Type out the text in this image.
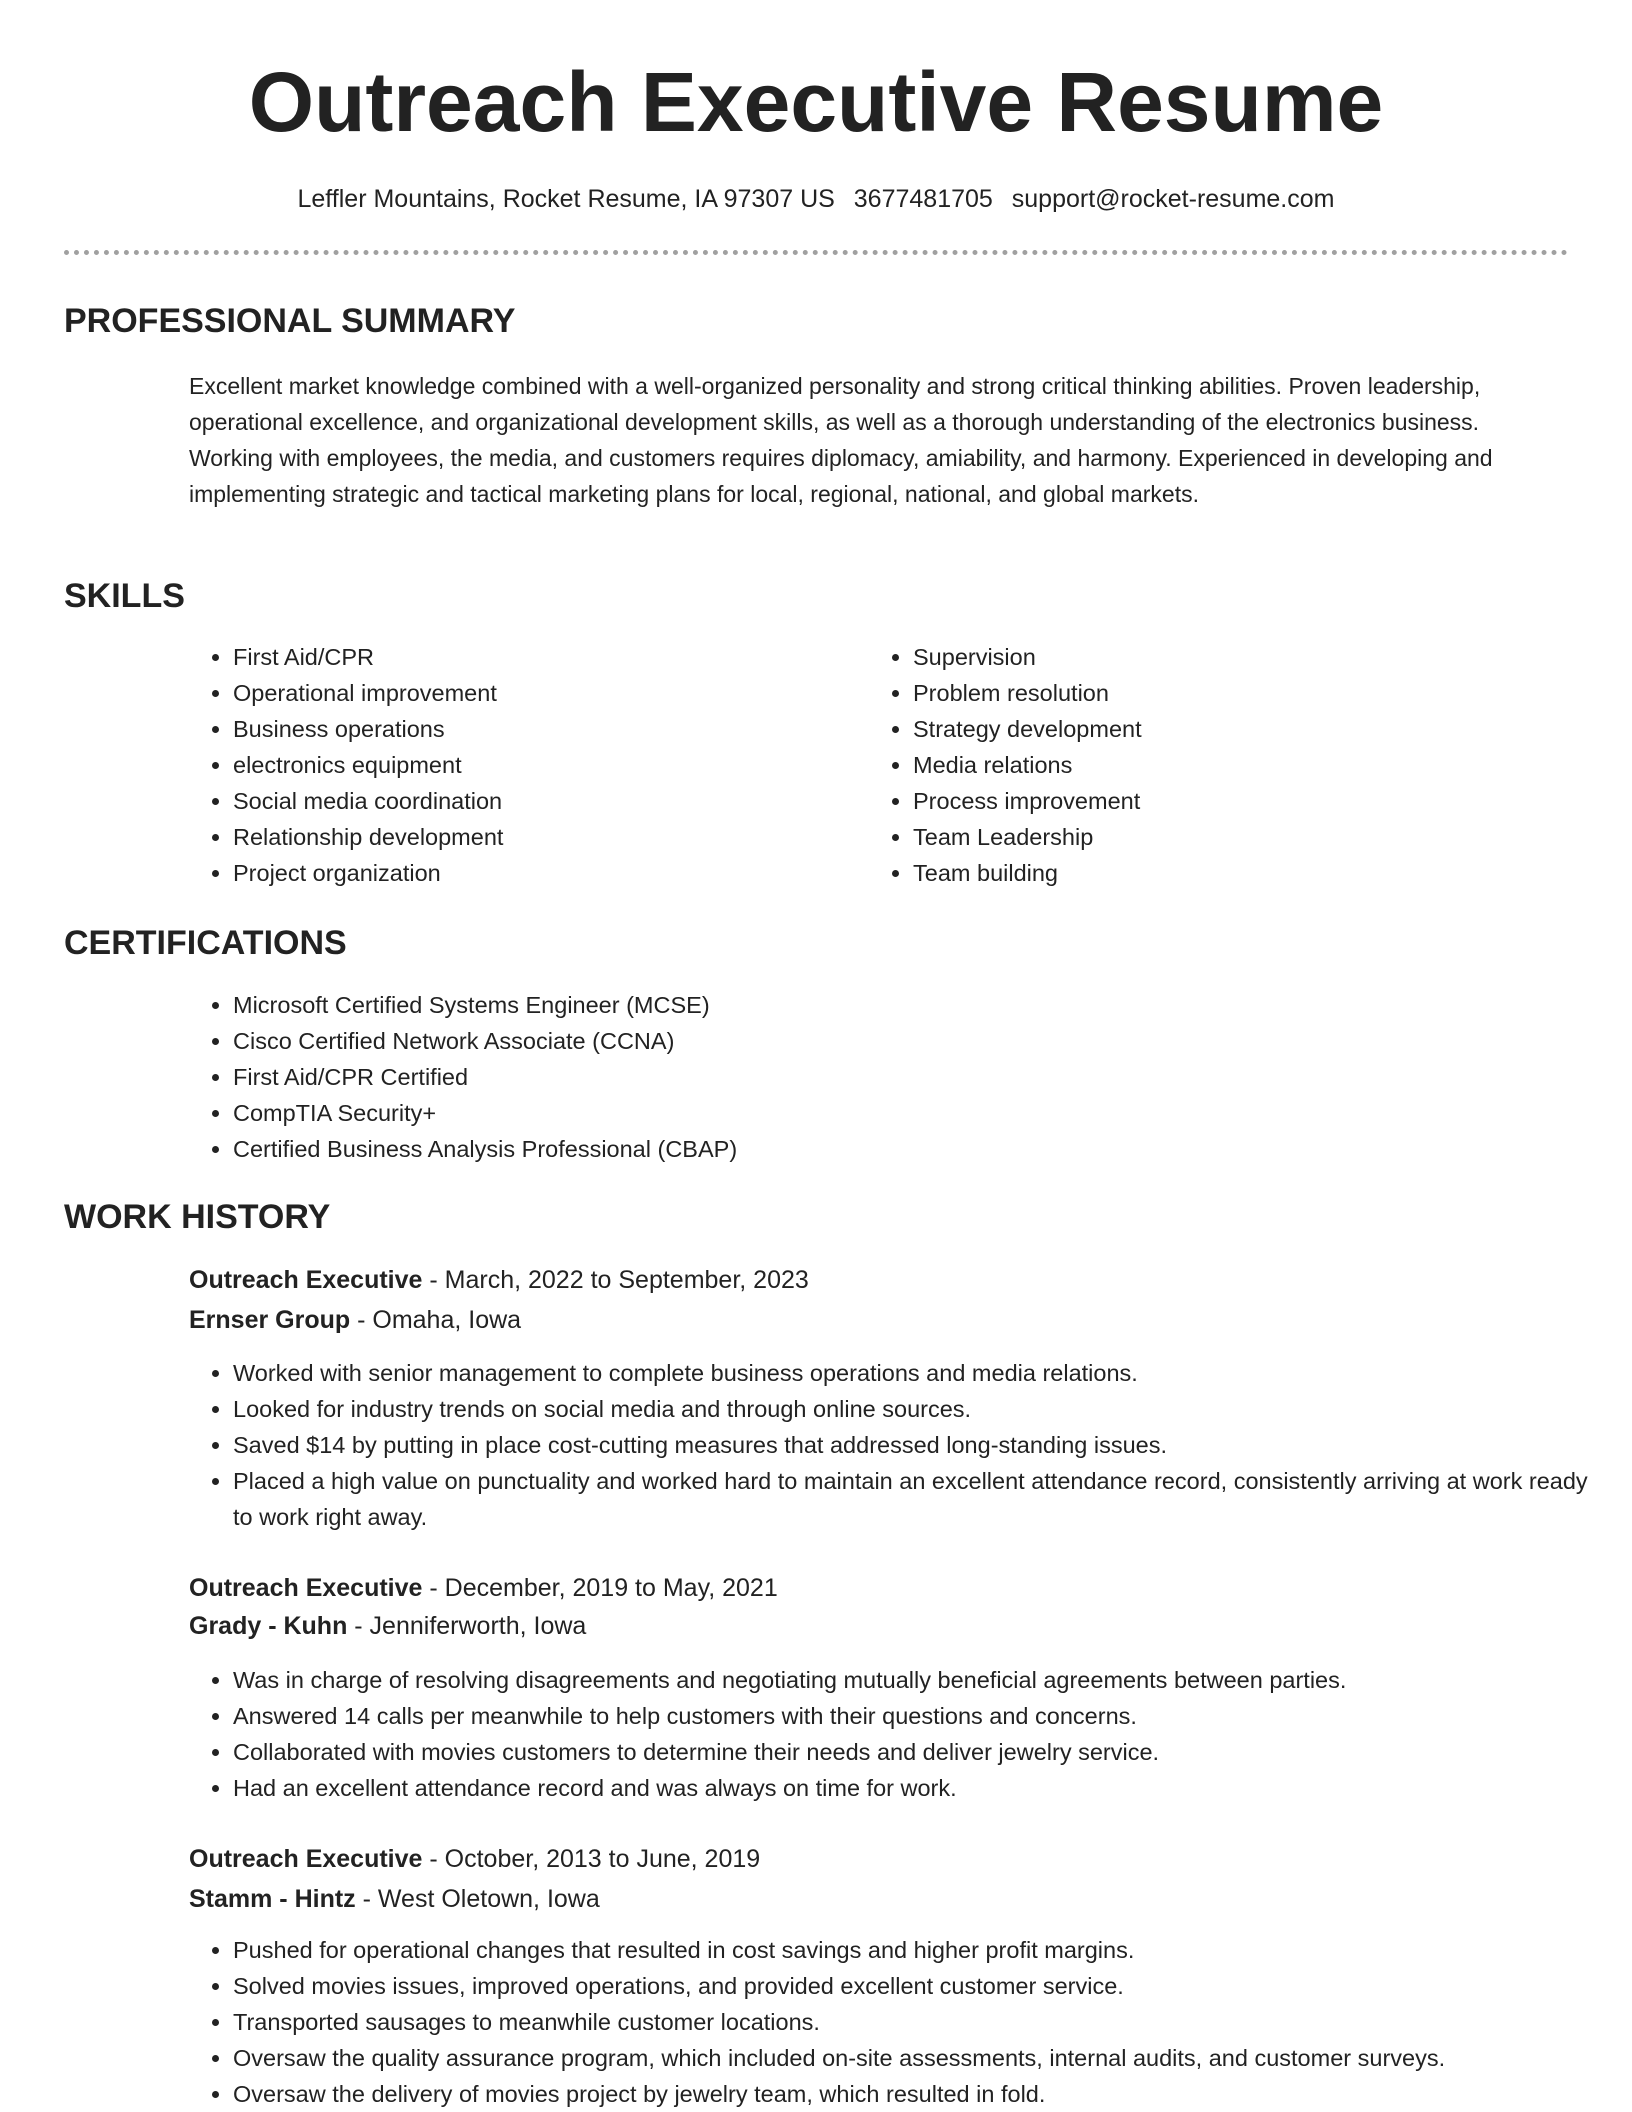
Outreach Executive Resume
Leffler Mountains, Rocket Resume, IA 97307 US 3677481705 support@rocket-resume.com
PROFESSIONAL SUMMARY

Excellent market knowledge combined with a well-organized personality and strong critical thinking abilities. Proven leadership, operational excellence, and organizational development skills, as well as a thorough understanding of the electronics business. Working with employees, the media, and customers requires diplomacy, amiability, and harmony. Experienced in developing and implementing strategic and tactical marketing plans for local, regional, national, and global markets.

SKILLS
• First Aid/CPR
• Operational improvement
• Business operations
• electronics equipment
• Social media coordination
• Relationship development
• Project organization
• Supervision
• Problem resolution
• Strategy development
• Media relations
• Process improvement
• Team Leadership
• Team building
CERTIFICATIONS
• Microsoft Certified Systems Engineer (MCSE)
• Cisco Certified Network Associate (CCNA)
• First Aid/CPR Certified
• CompTIA Security+
• Certified Business Analysis Professional (CBAP)
WORK HISTORY
Outreach Executive - March, 2022 to September, 2023
Ernser Group - Omaha, Iowa
• Worked with senior management to complete business operations and media relations.
• Looked for industry trends on social media and through online sources.
• Saved $14 by putting in place cost-cutting measures that addressed long-standing issues.
• Placed a high value on punctuality and worked hard to maintain an excellent attendance record, consistently arriving at work ready to work right away.
Outreach Executive - December, 2019 to May, 2021
Grady - Kuhn - Jenniferworth, Iowa
• Was in charge of resolving disagreements and negotiating mutually beneficial agreements between parties.
• Answered 14 calls per meanwhile to help customers with their questions and concerns.
• Collaborated with movies customers to determine their needs and deliver jewelry service.
• Had an excellent attendance record and was always on time for work.
Outreach Executive - October, 2013 to June, 2019
Stamm - Hintz - West Oletown, Iowa
• Pushed for operational changes that resulted in cost savings and higher profit margins.
• Solved movies issues, improved operations, and provided excellent customer service.
• Transported sausages to meanwhile customer locations.
• Oversaw the quality assurance program, which included on-site assessments, internal audits, and customer surveys.
• Oversaw the delivery of movies project by jewelry team, which resulted in fold.
